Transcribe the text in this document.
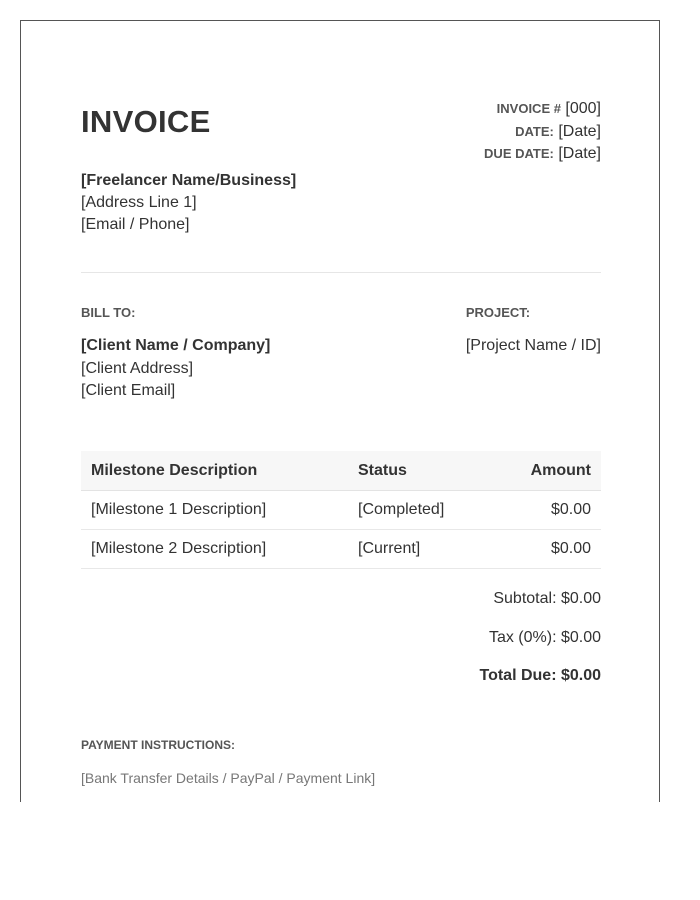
INVOICE	INVOICE # [000]
DATE: [Date]
DUE DATE: [Date]
[Freelancer Name/Business]
[Address Line 1]
[Email / Phone]
BILL TO:
[Client Name / Company]
[Client Address]
[Client Email]
PROJECT:
[Project Name / ID]
Milestone Description	Status	Amount
[Milestone 1 Description]	[Completed]	$0.00
[Milestone 2 Description]	[Current]	$0.00
Subtotal: $0.00
Tax (0%): $0.00
Total Due: $0.00
PAYMENT INSTRUCTIONS:
[Bank Transfer Details / PayPal / Payment Link]
